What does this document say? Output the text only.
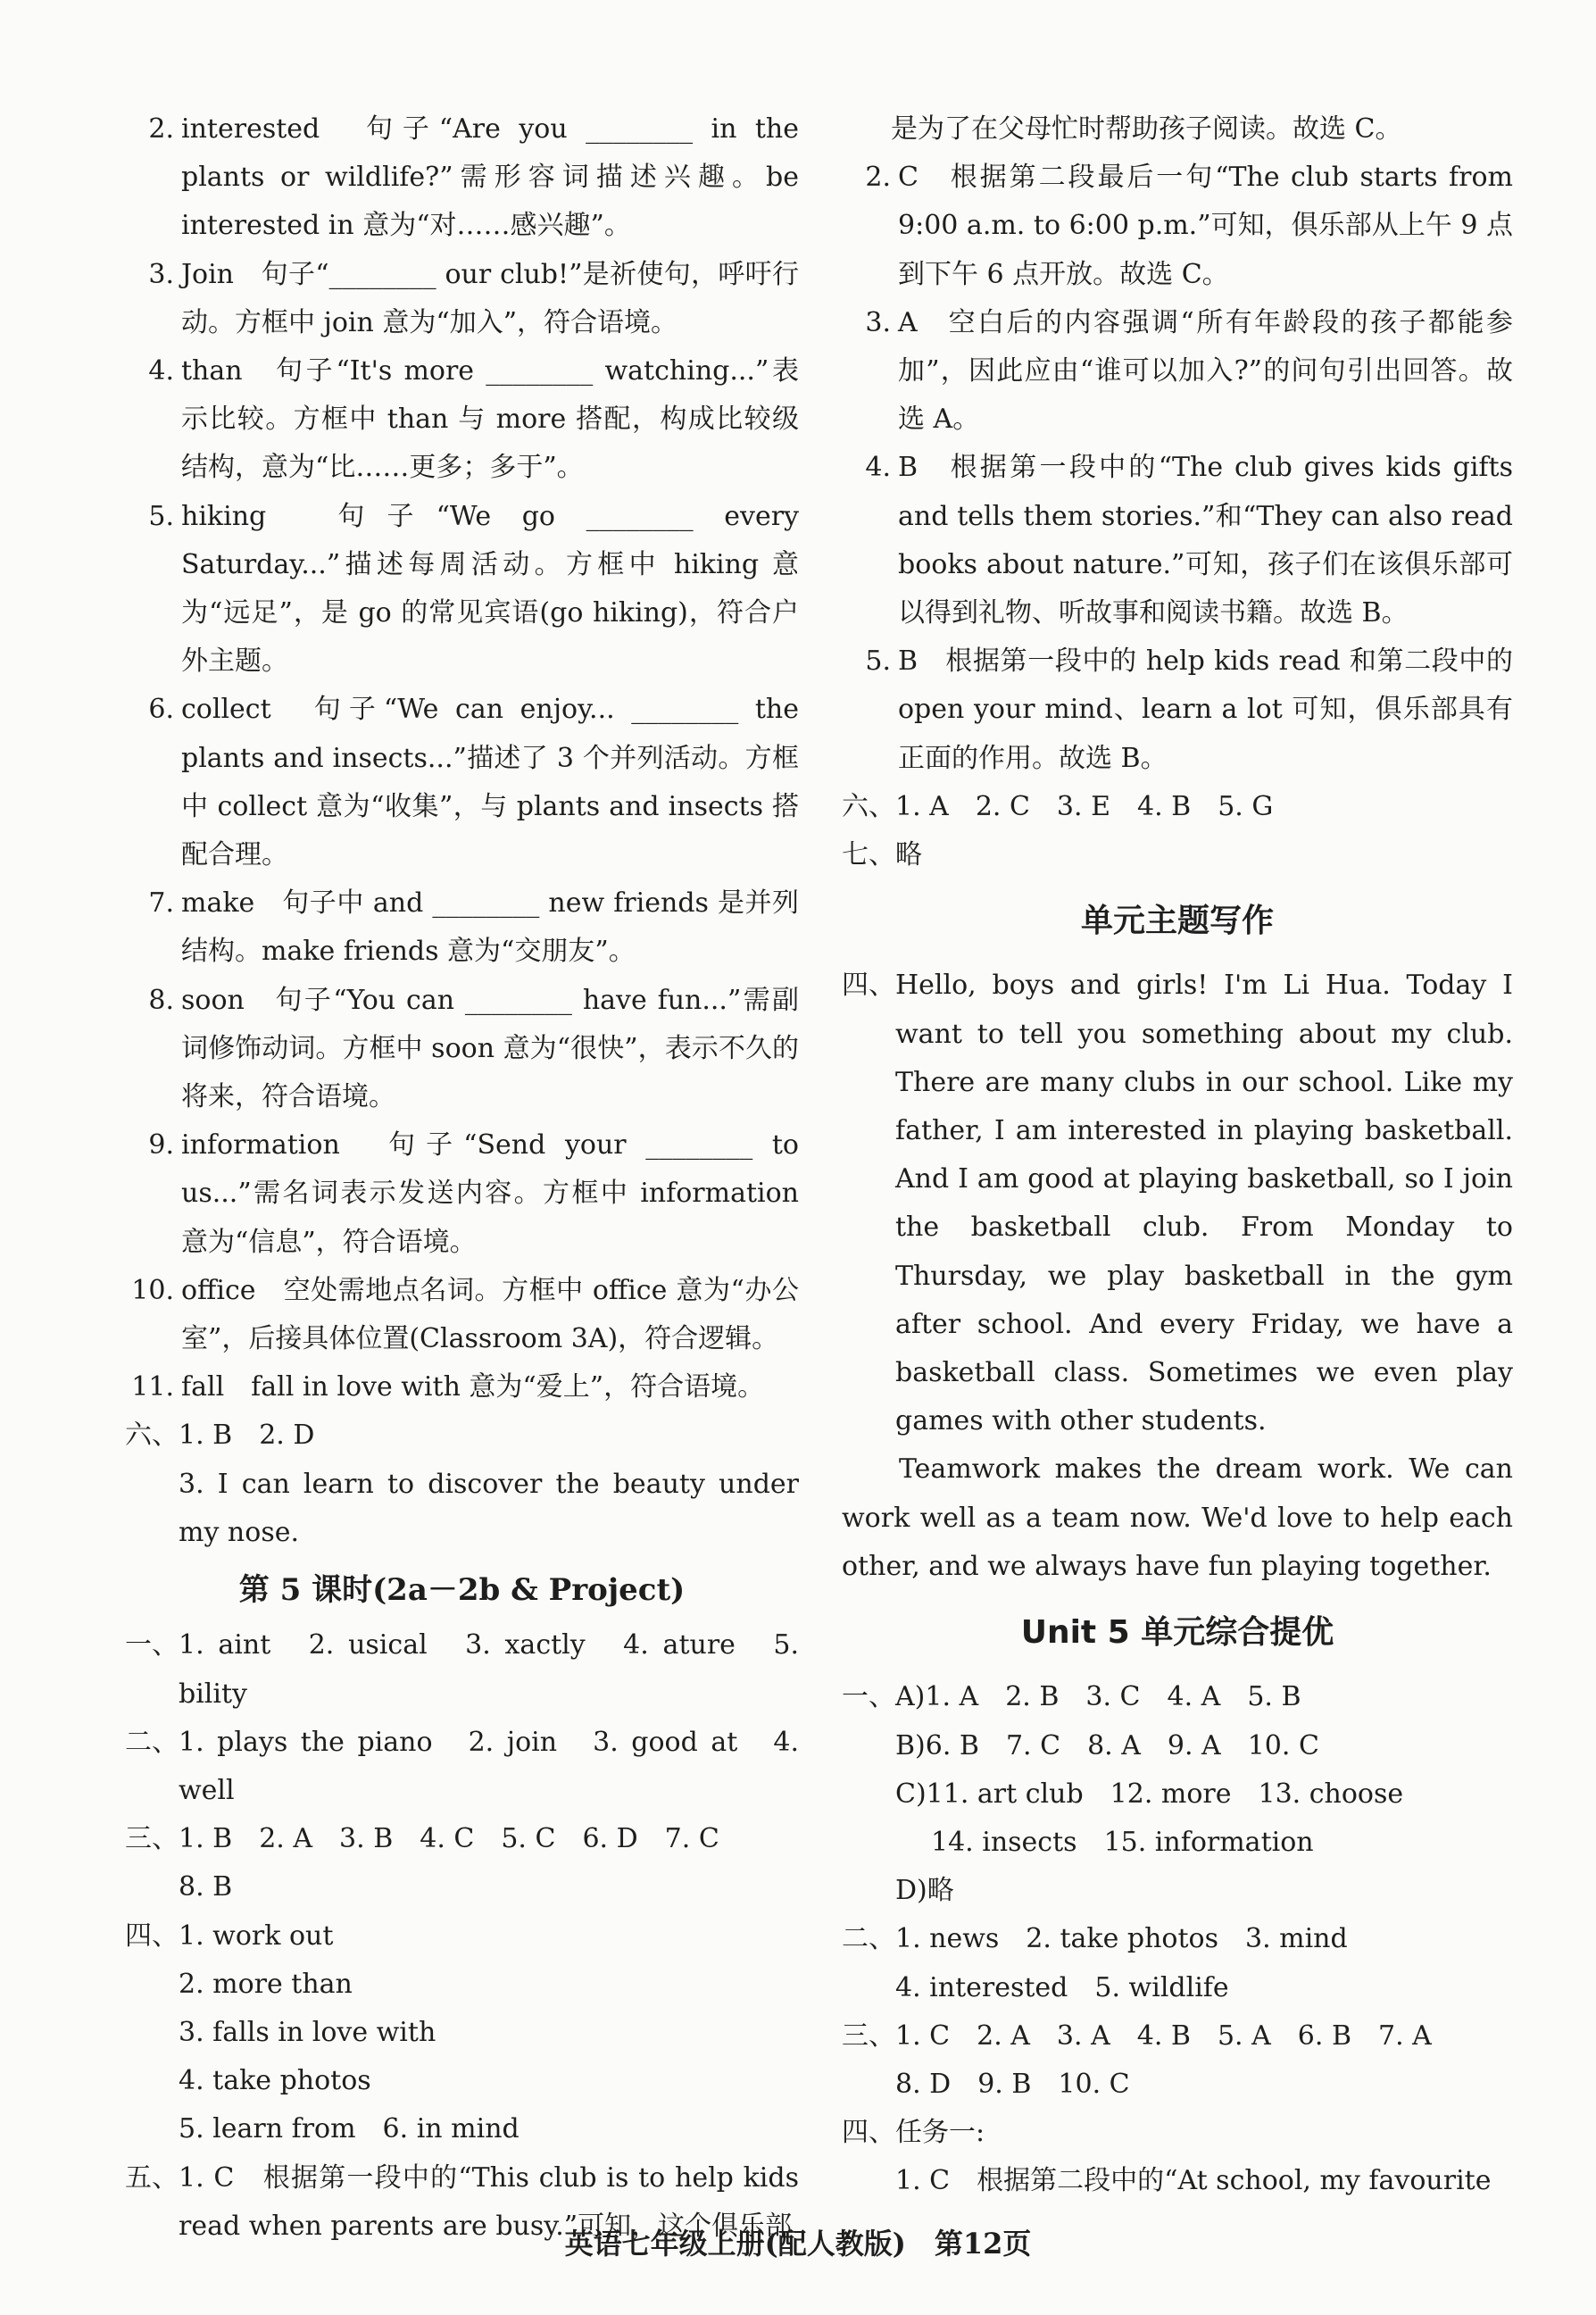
2. interested　句子“Are you ________ in the plants or wildlife?”需形容词描述兴趣。be interested in 意为“对……感兴趣”。
3. Join　句子“________ our club!”是祈使句，呼吁行动。方框中 join 意为“加入”，符合语境。
4. than　句子“It's more ________ watching...”表示比较。方框中 than 与 more 搭配，构成比较级结构，意为“比……更多；多于”。
5. hiking　句子“We go ________ every Saturday...”描述每周活动。方框中 hiking 意为“远足”，是 go 的常见宾语(go hiking)，符合户外主题。
6. collect　句子“We can enjoy... ________ the plants and insects...”描述了 3 个并列活动。方框中 collect 意为“收集”，与 plants and insects 搭配合理。
7. make　句子中 and ________ new friends 是并列结构。make friends 意为“交朋友”。
8. soon　句子“You can ________ have fun...”需副词修饰动词。方框中 soon 意为“很快”，表示不久的将来，符合语境。
9. information　句子“Send your ________ to us...”需名词表示发送内容。方框中 information 意为“信息”，符合语境。
10. office　空处需地点名词。方框中 office 意为“办公室”，后接具体位置(Classroom 3A)，符合逻辑。
11. fall　fall in love with 意为“爱上”，符合语境。
六、 1. B　2. D

3. I can learn to discover the beauty under my nose.

第 5 课时(2a－2b & Project)
一、 1. aint　2. usical　3. xactly　4. ature　5. bility
二、 1. plays the piano　2. join　3. good at　4. well
三、 1. B　2. A　3. B　4. C　5. C　6. D　7. C

8. B

四、 1. work out

2. more than

3. falls in love with

4. take photos

5. learn from　6. in mind

五、 1. C　根据第一段中的“This club is to help kids read when parents are busy.”可知，这个俱乐部

是为了在父母忙时帮助孩子阅读。故选 C。

2. C　根据第二段最后一句“The club starts from 9:00 a.m. to 6:00 p.m.”可知，俱乐部从上午 9 点到下午 6 点开放。故选 C。
3. A　空白后的内容强调“所有年龄段的孩子都能参加”，因此应由“谁可以加入?”的问句引出回答。故选 A。
4. B　根据第一段中的“The club gives kids gifts and tells them stories.”和“They can also read books about nature.”可知，孩子们在该俱乐部可以得到礼物、听故事和阅读书籍。故选 B。
5. B　根据第一段中的 help kids read 和第二段中的 open your mind、learn a lot 可知，俱乐部具有正面的作用。故选 B。
六、 1. A　2. C　3. E　4. B　5. G
七、 略
单元主题写作
四、 Hello, boys and girls! I'm Li Hua. Today I want to tell you something about my club. There are many clubs in our school. Like my father, I am interested in playing basketball. And I am good at playing basketball, so I join the basketball club. From Monday to Thursday, we play basketball in the gym after school. And every Friday, we have a basketball class. Sometimes we even play games with other students.

Teamwork makes the dream work. We can work well as a team now. We'd love to help each other, and we always have fun playing together.

Unit 5 单元综合提优
一、 A)1. A　2. B　3. C　4. A　5. B

B)6. B　7. C　8. A　9. A　10. C

C)11. art club　12. more　13. choose

14. insects　15. information

D)略

二、 1. news　2. take photos　3. mind

4. interested　5. wildlife

三、 1. C　2. A　3. A　4. B　5. A　6. B　7. A

8. D　9. B　10. C

四、 任务一:

1. C　根据第二段中的“At school, my favourite

英语七年级上册(配人教版)　第12页
